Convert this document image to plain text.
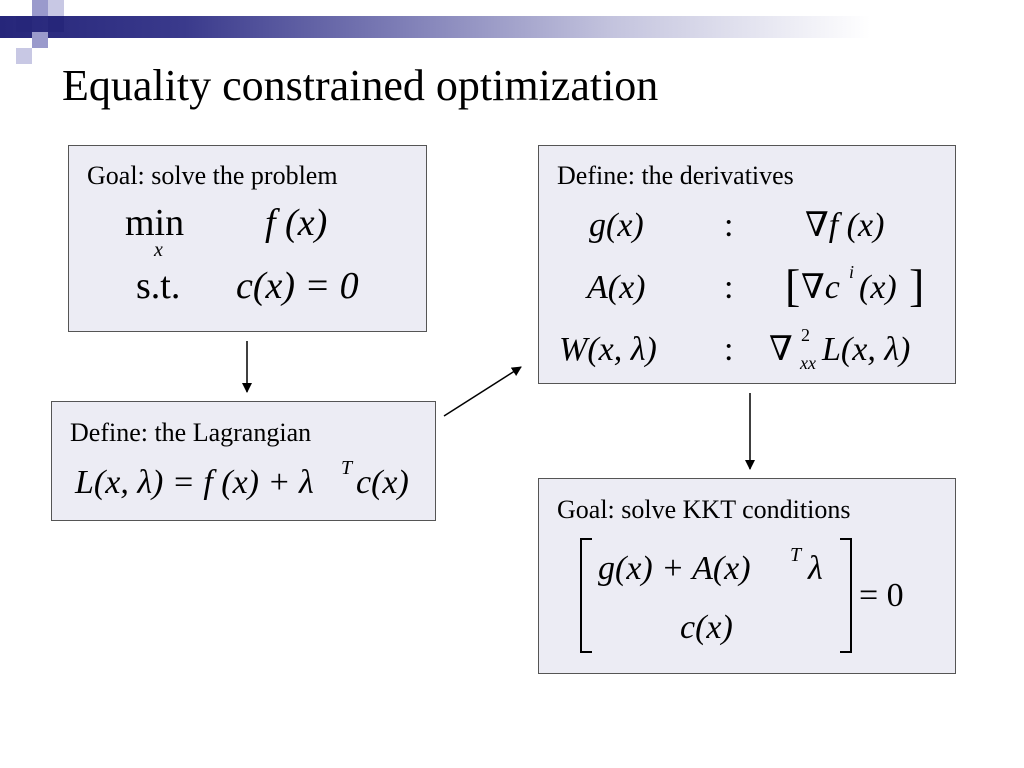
Equality constrained optimization
Goal: solve the problem
min
x
f (x)
s.t. c(x) = 0
Define: the Lagrangian
L(x, λ) = f (x) + λ T c(x)
Define: the derivatives
g(x) : ∇f (x)
A(x) : [ ∇c i (x) ]
W(x, λ) : ∇ 2
xx L(x, λ)
Goal: solve KKT conditions
g(x) + A(x) T λ
c(x)
= 0
